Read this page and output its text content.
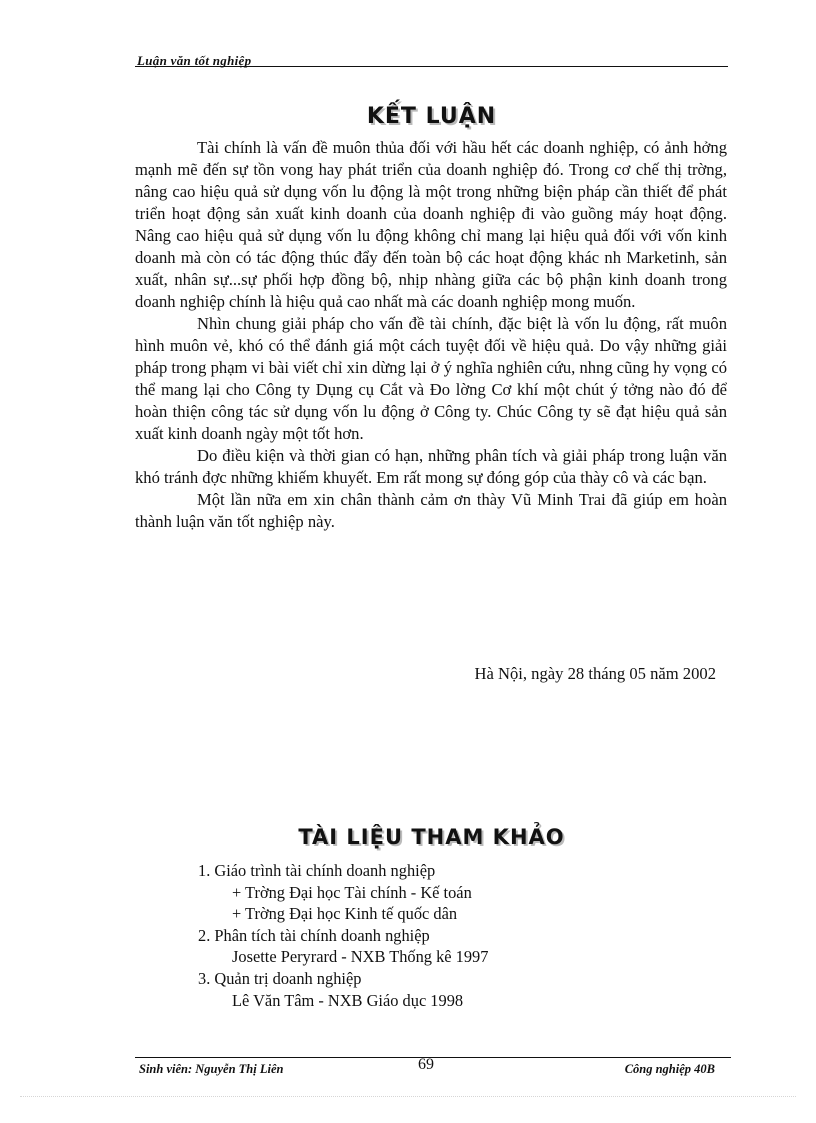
Luận văn tốt nghiệp
KẾT LUẬN

Tài chính là vấn đề muôn thủa đối với hầu hết các doanh nghiệp, có ảnh hởng mạnh mẽ đến sự tồn vong hay phát triển của doanh nghiệp đó. Trong cơ chế thị trờng, nâng cao hiệu quả sử dụng vốn lu động là một trong những biện pháp cần thiết để phát triển hoạt động sản xuất kinh doanh của doanh nghiệp đi vào guồng máy hoạt động. Nâng cao hiệu quả sử dụng vốn lu động không chỉ mang lại hiệu quả đối với vốn kinh doanh mà còn có tác động thúc đẩy đến toàn bộ các hoạt động khác nh Marketinh, sản xuất, nhân sự...sự phối hợp đồng bộ, nhịp nhàng giữa các bộ phận kinh doanh trong doanh nghiệp chính là hiệu quả cao nhất mà các doanh nghiệp mong muốn.

Nhìn chung giải pháp cho vấn đề tài chính, đặc biệt là vốn lu động, rất muôn hình muôn vẻ, khó có thể đánh giá một cách tuyệt đối về hiệu quả. Do vậy những giải pháp trong phạm vi bài viết chỉ xin dừng lại ở ý nghĩa nghiên cứu, nhng cũng hy vọng có thể mang lại cho Công ty Dụng cụ Cắt và Đo lờng Cơ khí một chút ý tởng nào đó để hoàn thiện công tác sử dụng vốn lu động ở Công ty. Chúc Công ty sẽ đạt hiệu quả sản xuất kinh doanh ngày một tốt hơn.

Do điều kiện và thời gian có hạn, những phân tích và giải pháp trong luận văn khó tránh đợc những khiếm khuyết. Em rất mong sự đóng góp của thày cô và các bạn.

Một lần nữa em xin chân thành cảm ơn thày Vũ Minh Trai đã giúp em hoàn thành luận văn tốt nghiệp này.

Hà Nội, ngày 28 tháng 05 năm 2002
TÀI LIỆU THAM KHẢO
1. Giáo trình tài chính doanh nghiệp
+ Trờng Đại học Tài chính - Kế toán
+ Trờng Đại học Kinh tế quốc dân
2. Phân tích tài chính doanh nghiệp
Josette Peryrard - NXB Thống kê 1997
3. Quản trị doanh nghiệp
Lê Văn Tâm - NXB Giáo dục 1998
Sinh viên: Nguyễn Thị Liên	69	Công nghiệp 40B
